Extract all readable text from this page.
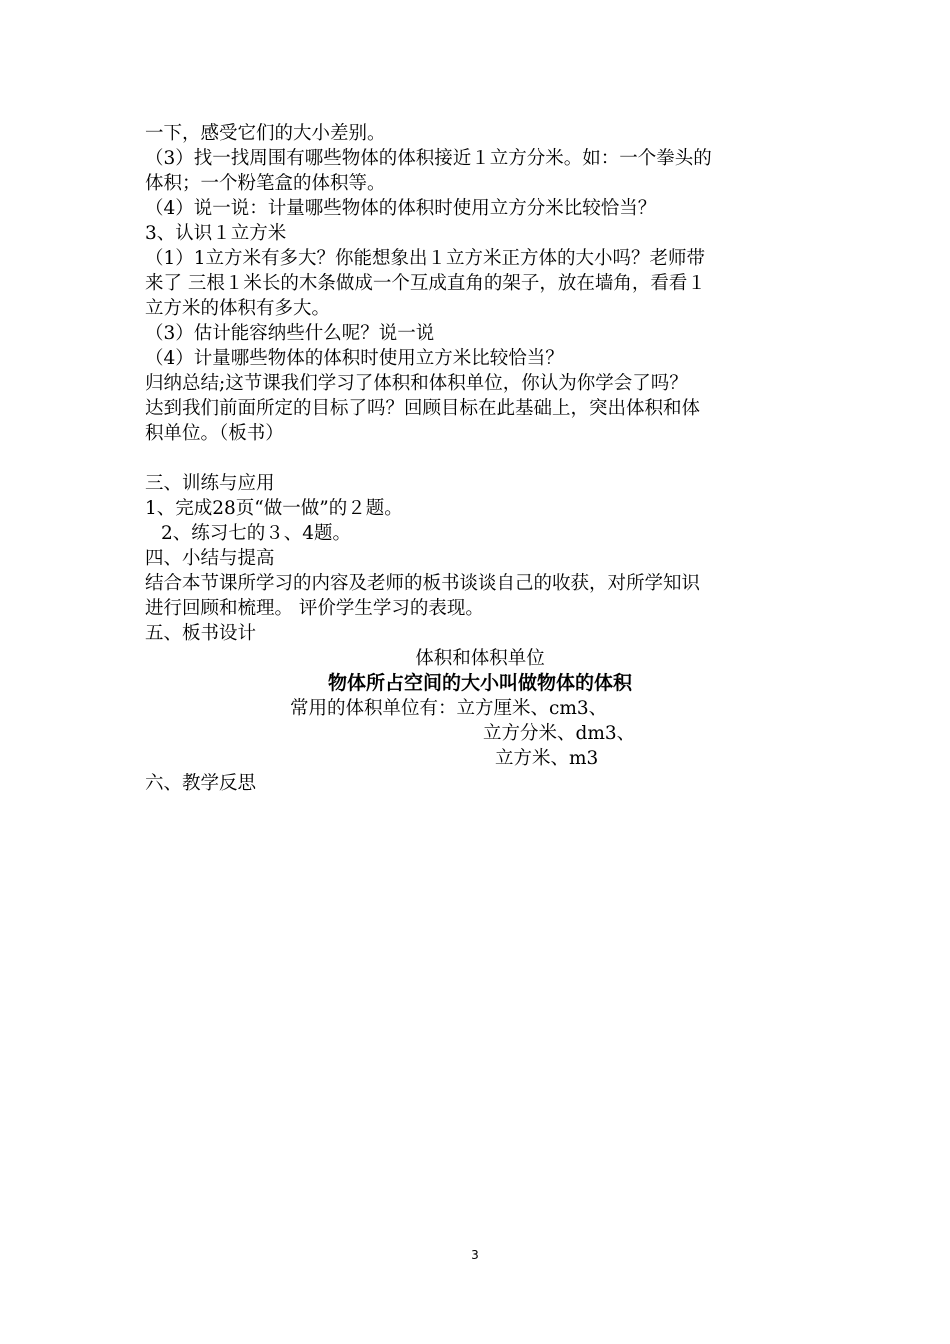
一下，感受它们的大小差别。
（3）找一找周围有哪些物体的体积接近１立方分米。如：一个拳头的
体积；一个粉笔盒的体积等。
（4）说一说：计量哪些物体的体积时使用立方分米比较恰当？
3、认识１立方米
（1）1立方米有多大？你能想象出１立方米正方体的大小吗？老师带
来了 三根１米长的木条做成一个互成直角的架子，放在墙角，看看１
立方米的体积有多大。
（3）估计能容纳些什么呢？说一说
（4）计量哪些物体的体积时使用立方米比较恰当？
归纳总结;这节课我们学习了体积和体积单位，你认为你学会了吗？
达到我们前面所定的目标了吗？回顾目标在此基础上，突出体积和体
积单位。（板书）
三、训练与应用
1、完成28页“做一做”的２题。
2、练习七的３、4题。
四、小结与提高
结合本节课所学习的内容及老师的板书谈谈自己的收获，对所学知识
进行回顾和梳理。 评价学生学习的表现。
五、板书设计
体积和体积单位
物体所占空间的大小叫做物体的体积
常用的体积单位有：立方厘米、cm3、
立方分米、dm3、
立方米、m3
六、教学反思
3
